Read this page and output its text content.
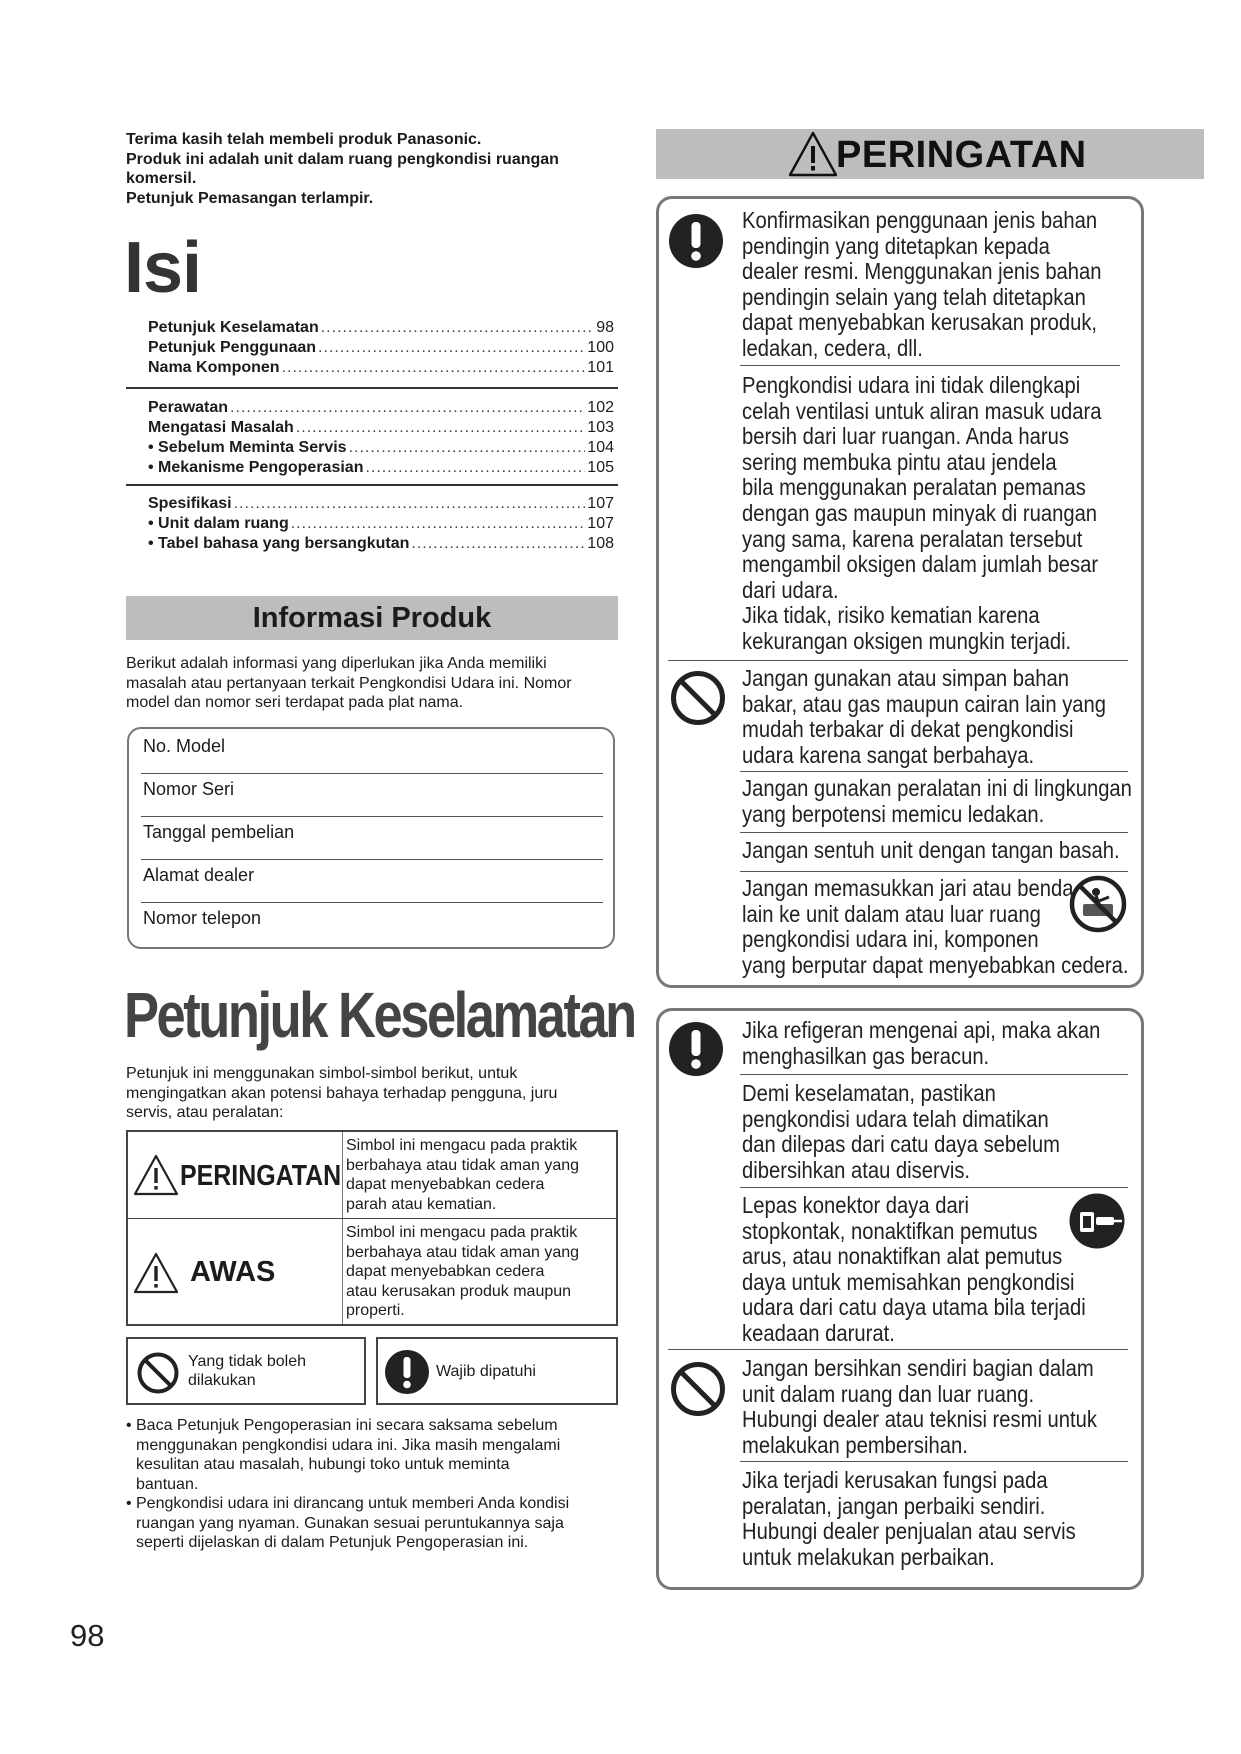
Terima kasih telah membeli produk Panasonic.
Produk ini adalah unit dalam ruang pengkondisi ruangan
komersil.
Petunjuk Pemasangan terlampir.
Isi
Petunjuk Keselamatan .....	98
Petunjuk Penggunaan .....	100
Nama Komponen .....	101
Perawatan .....	102
Mengatasi Masalah .....	103
• Sebelum Meminta Servis .....	104
• Mekanisme Pengoperasian .....	105
Spesifikasi .....	107
• Unit dalam ruang .....	107
• Tabel bahasa yang bersangkutan .....	108
Informasi Produk
Berikut adalah informasi yang diperlukan jika Anda memiliki
masalah atau pertanyaan terkait Pengkondisi Udara ini. Nomor
model dan nomor seri terdapat pada plat nama.
No. Model
Nomor Seri
Tanggal pembelian
Alamat dealer
Nomor telepon
Petunjuk Keselamatan
Petunjuk ini menggunakan simbol-simbol berikut, untuk
mengingatkan akan potensi bahaya terhadap pengguna, juru
servis, atau peralatan:
PERINGATAN
Simbol ini mengacu pada praktik
berbahaya atau tidak aman yang
dapat menyebabkan cedera
parah atau kematian.
AWAS
Simbol ini mengacu pada praktik
berbahaya atau tidak aman yang
dapat menyebabkan cedera
atau kerusakan produk maupun
properti.
Yang tidak boleh
dilakukan
Wajib dipatuhi
• Baca Petunjuk Pengoperasian ini secara saksama sebelum
menggunakan pengkondisi udara ini. Jika masih mengalami
kesulitan atau masalah, hubungi toko untuk meminta
bantuan.
• Pengkondisi udara ini dirancang untuk memberi Anda kondisi
ruangan yang nyaman. Gunakan sesuai peruntukannya saja
seperti dijelaskan di dalam Petunjuk Pengoperasian ini.
98
PERINGATAN
Konfirmasikan penggunaan jenis bahan
pendingin yang ditetapkan kepada
dealer resmi. Menggunakan jenis bahan
pendingin selain yang telah ditetapkan
dapat menyebabkan kerusakan produk,
ledakan, cedera, dll.
Pengkondisi udara ini tidak dilengkapi
celah ventilasi untuk aliran masuk udara
bersih dari luar ruangan. Anda harus
sering membuka pintu atau jendela
bila menggunakan peralatan pemanas
dengan gas maupun minyak di ruangan
yang sama, karena peralatan tersebut
mengambil oksigen dalam jumlah besar
dari udara.
Jika tidak, risiko kematian karena
kekurangan oksigen mungkin terjadi.
Jangan gunakan atau simpan bahan
bakar, atau gas maupun cairan lain yang
mudah terbakar di dekat pengkondisi
udara karena sangat berbahaya.
Jangan gunakan peralatan ini di lingkungan
yang berpotensi memicu ledakan.
Jangan sentuh unit dengan tangan basah.
Jangan memasukkan jari atau benda
lain ke unit dalam atau luar ruang
pengkondisi udara ini, komponen
yang berputar dapat menyebabkan cedera.
Jika refigeran mengenai api, maka akan
menghasilkan gas beracun.
Demi keselamatan, pastikan
pengkondisi udara telah dimatikan
dan dilepas dari catu daya sebelum
dibersihkan atau diservis.
Lepas konektor daya dari
stopkontak, nonaktifkan pemutus
arus, atau nonaktifkan alat pemutus
daya untuk memisahkan pengkondisi
udara dari catu daya utama bila terjadi
keadaan darurat.
Jangan bersihkan sendiri bagian dalam
unit dalam ruang dan luar ruang.
Hubungi dealer atau teknisi resmi untuk
melakukan pembersihan.
Jika terjadi kerusakan fungsi pada
peralatan, jangan perbaiki sendiri.
Hubungi dealer penjualan atau servis
untuk melakukan perbaikan.
